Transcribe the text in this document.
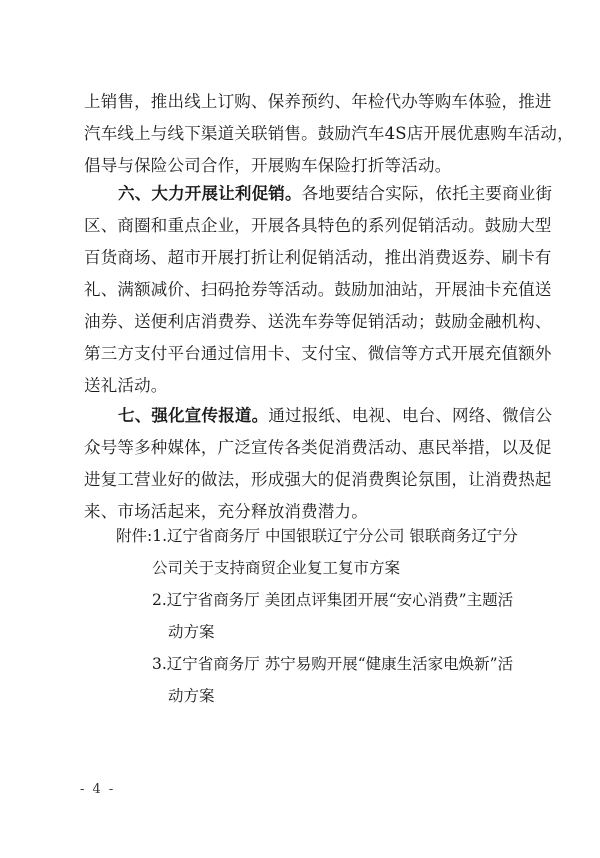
上销售，推出线上订购、保养预约、年检代办等购车体验，推进
汽车线上与线下渠道关联销售。鼓励汽车4S店开展优惠购车活动，
倡导与保险公司合作，开展购车保险打折等活动。
六、大力开展让利促销。各地要结合实际，依托主要商业街
区、商圈和重点企业，开展各具特色的系列促销活动。鼓励大型
百货商场、超市开展打折让利促销活动，推出消费返券、刷卡有
礼、满额减价、扫码抢券等活动。鼓励加油站，开展油卡充值送
油券、送便利店消费券、送洗车券等促销活动；鼓励金融机构、
第三方支付平台通过信用卡、支付宝、微信等方式开展充值额外
送礼活动。
七、强化宣传报道。通过报纸、电视、电台、网络、微信公
众号等多种媒体，广泛宣传各类促消费活动、惠民举措，以及促
进复工营业好的做法，形成强大的促消费舆论氛围，让消费热起
来、市场活起来，充分释放消费潜力。
附件:1.辽宁省商务厅 中国银联辽宁分公司 银联商务辽宁分
公司关于支持商贸企业复工复市方案
2.辽宁省商务厅 美团点评集团开展“安心消费”主题活
动方案
3.辽宁省商务厅 苏宁易购开展“健康生活家电焕新”活
动方案
- 4 -
